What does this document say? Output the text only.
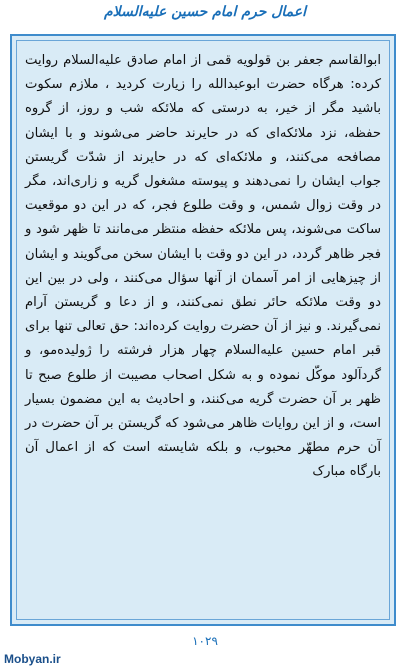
اعمال حرم امام حسین علیه‌السلام

ابوالقاسم جعفر بن قولویه قمی از امام صادق علیه‌السلام روایت کرده: هرگاه حضرت ابوعبدالله را زیارت کردید ، ملازم سکوت باشید مگر از خیر، به درستی که ملائکه شب و روز، از گروه حفظه، نزد ملائکه‌ای که در حایرند حاضر می‌شوند و با ایشان مصافحه می‌کنند، و ملائکه‌ای که در حایرند از شدّت گریستن جواب ایشان را نمی‌دهند و پیوسته مشغول گریه و زاری‌اند، مگر در وقت زوال شمس، و وقت طلوع فجر، که در این دو موقعیت ساکت می‌شوند، پس ملائکه حفظه منتظر می‌مانند تا ظهر شود و فجر ظاهر گردد، در این دو وقت با ایشان سخن می‌گویند و ایشان از چیزهایی از امر آسمان از آنها سؤال می‌کنند ، ولی در بین این دو وقت ملائکه حائر نطق نمی‌کنند، و از دعا و گریستن آرام نمی‌گیرند. و نیز از آن حضرت روایت کرده‌اند: حق تعالی تنها برای قبر امام حسین علیه‌السلام چهار هزار فرشته را ژولیده‌مو، و گردآلود موکّل نموده و به شکل اصحاب مصیبت از طلوع صبح تا ظهر بر آن حضرت گریه می‌کنند، و احادیث به این مضمون بسیار است، و از این روایات ظاهر می‌شود که گریستن بر آن حضرت در آن حرم مطهّر محبوب، و بلکه شایسته است که از اعمال آن بارگاه مبارک

۱۰۲۹
Mobyan.ir
